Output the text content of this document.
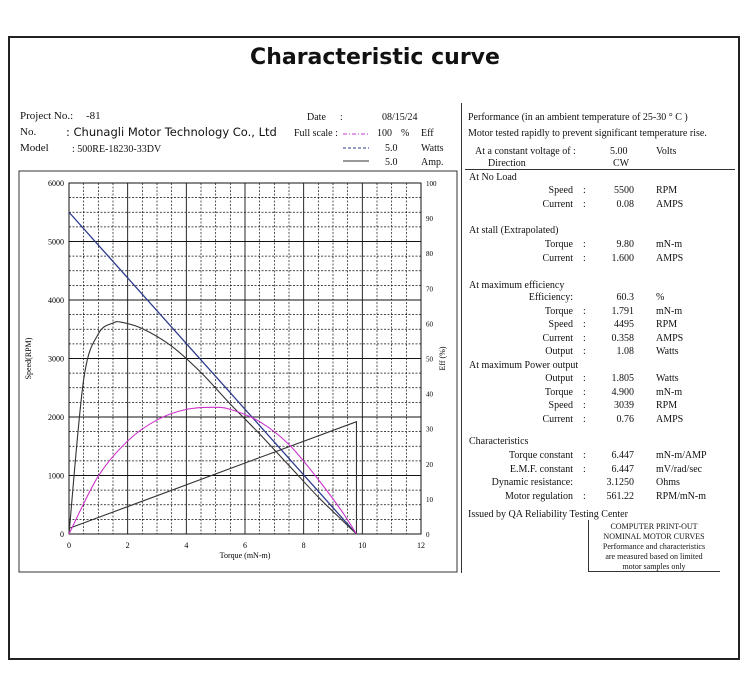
Characteristic curve
Project No.: -81
No.	: Chunagli Motor Technology Co., Ltd
Model : 500RE-18230-33DV
Date :	08/15/24
Full scale :	100 % Eff
5.0 Watts
5.0 Amp.
0	2	4	6	8	10	12
0
1000
2000
3000
4000
5000
6000
0
10
20
30
40
50
60
70
80
90
100
Torque (mN-m)
Speed(RPM)	Eff (%)
Performance (in an ambient temperature of 25-30 ° C )
Motor tested rapidly to prevent significant temperature rise.
At a constant voltage of :	5.00	Volts
Direction	CW
At No Load
Speed :	5500 RPM
Current :	0.08 AMPS
At stall (Extrapolated)
Torque :	9.80 mN-m
Current :	1.600 AMPS
At maximum efficiency
Efficiency:	60.3 %
Torque :	1.791 mN-m
Speed :	4495 RPM
Current :	0.358 AMPS
Output :	1.08 Watts
At maximum Power output
Output :	1.805 Watts
Torque :	4.900 mN-m
Speed :	3039 RPM
Current :	0.76 AMPS
Characteristics
Torque constant :	6.447 mN-m/AMP
E.M.F. constant :	6.447 mV/rad/sec
Dynamic resistance:	3.1250 Ohms
Motor regulation :	561.22 RPM/mN-m
Issued by QA Reliability Testing Center
COMPUTER PRINT-OUT
NOMINAL MOTOR CURVES
Performance and characteristics
are measured based on limited
motor samples only
